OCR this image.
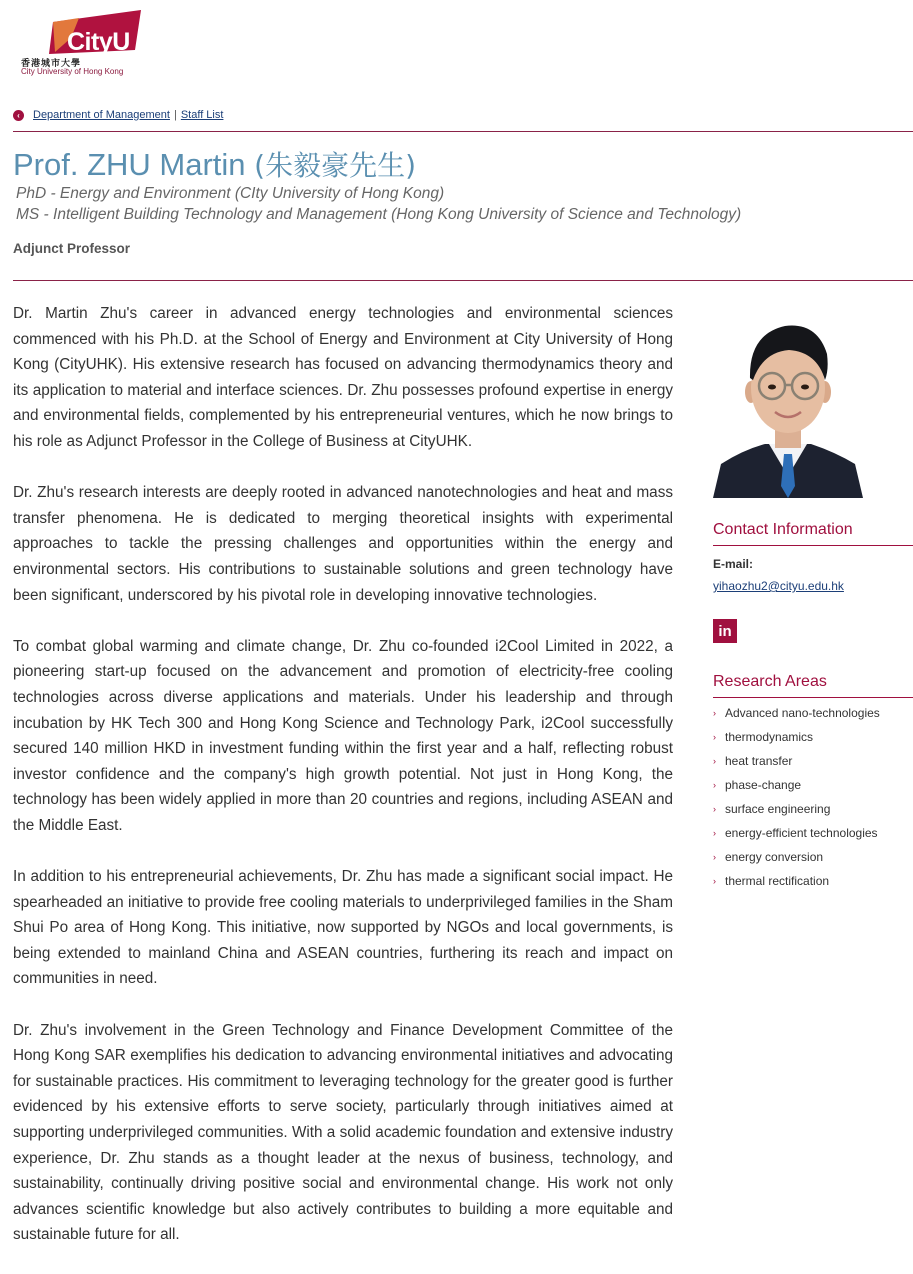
CityU
香港城市大學
City University of Hong Kong
‹	Department of Management | Staff List
Prof. ZHU Martin (朱毅豪先生)
PhD - Energy and Environment (CIty University of Hong Kong)
MS - Intelligent Building Technology and Management (Hong Kong University of Science and Technology)
Adjunct Professor

Dr. Martin Zhu's career in advanced energy technologies and environmental sciences commenced with his Ph.D. at the School of Energy and Environment at City University of Hong Kong (CityUHK). His extensive research has focused on advancing thermodynamics theory and its application to material and interface sciences. Dr. Zhu possesses profound expertise in energy and environmental fields, complemented by his entrepreneurial ventures, which he now brings to his role as Adjunct Professor in the College of Business at CityUHK.

Dr. Zhu's research interests are deeply rooted in advanced nanotechnologies and heat and mass transfer phenomena. He is dedicated to merging theoretical insights with experimental approaches to tackle the pressing challenges and opportunities within the energy and environmental sectors. His contributions to sustainable solutions and green technology have been significant, underscored by his pivotal role in developing innovative technologies.

To combat global warming and climate change, Dr. Zhu co-founded i2Cool Limited in 2022, a pioneering start-up focused on the advancement and promotion of electricity-free cooling technologies across diverse applications and materials. Under his leadership and through incubation by HK Tech 300 and Hong Kong Science and Technology Park, i2Cool successfully secured 140 million HKD in investment funding within the first year and a half, reflecting robust investor confidence and the company's high growth potential. Not just in Hong Kong, the technology has been widely applied in more than 20 countries and regions, including ASEAN and the Middle East.

In addition to his entrepreneurial achievements, Dr. Zhu has made a significant social impact. He spearheaded an initiative to provide free cooling materials to underprivileged families in the Sham Shui Po area of Hong Kong. This initiative, now supported by NGOs and local governments, is being extended to mainland China and ASEAN countries, furthering its reach and impact on communities in need.

Dr. Zhu's involvement in the Green Technology and Finance Development Committee of the Hong Kong SAR exemplifies his dedication to advancing environmental initiatives and advocating for sustainable practices. His commitment to leveraging technology for the greater good is further evidenced by his extensive efforts to serve society, particularly through initiatives aimed at supporting underprivileged communities. With a solid academic foundation and extensive industry experience, Dr. Zhu stands as a thought leader at the nexus of business, technology, and sustainability, continually driving positive social and environmental change. His work not only advances scientific knowledge but also actively contributes to building a more equitable and sustainable future for all.

Contact Information
E-mail:
yihaozhu2@cityu.edu.hk
in
Research Areas
› Advanced nano-technologies
› thermodynamics
› heat transfer
› phase-change
› surface engineering
› energy-efficient technologies
› energy conversion
› thermal rectification
